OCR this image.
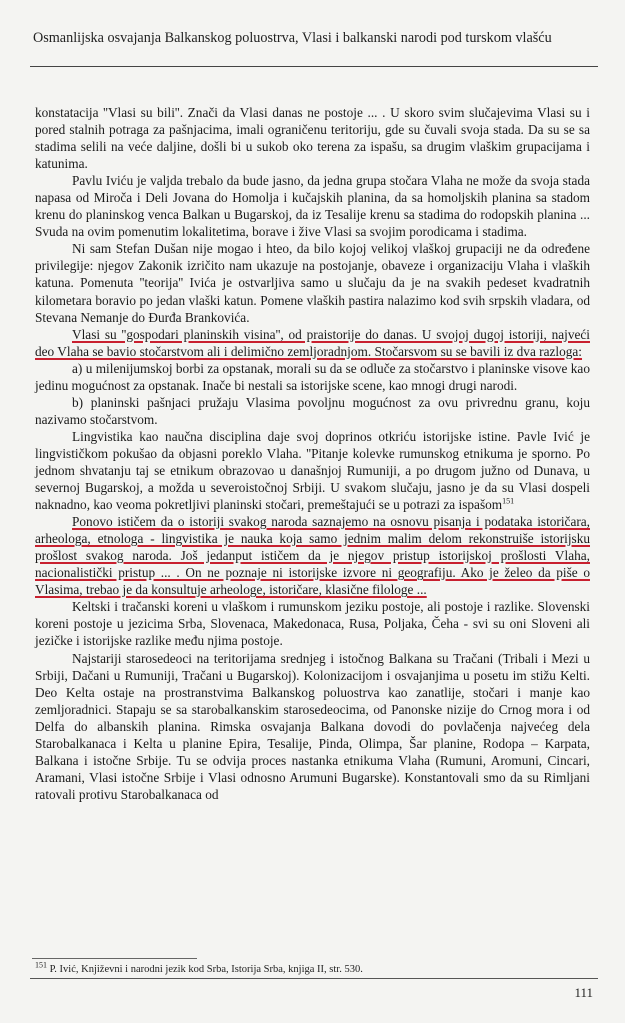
Osmanlijska osvajanja Balkanskog poluostrva, Vlasi i balkanski narodi pod turskom vlašću

konstatacija ''Vlasi su bili''. Znači da Vlasi danas ne postoje ... . U skoro svim slučajevima Vlasi su i pored stalnih potraga za pašnjacima, imali ograničenu teritoriju, gde su čuvali svoja stada. Da su se sa stadima selili na veće daljine, došli bi u sukob oko terena za ispašu, sa drugim vlaškim grupacijama i katunima.

Pavlu Iviću je valjda trebalo da bude jasno, da jedna grupa stočara Vlaha ne može da svoja stada napasa od Miroča i Deli Jovana do Homolja i kučajskih planina, da sa homoljskih planina sa stadom krenu do planinskog venca Balkan u Bugarskoj, da iz Tesalije krenu sa stadima do rodopskih planina ... Svuda na ovim pomenutim lokalitetima, borave i žive Vlasi sa svojim porodicama i stadima.

Ni sam Stefan Dušan nije mogao i hteo, da bilo kojoj velikoj vlaškoj grupaciji ne da određene privilegije: njegov Zakonik izričito nam ukazuje na postojanje, obaveze i organizaciju Vlaha i vlaških katuna. Pomenuta ''teorija'' Ivića je ostvarljiva samo u slučaju da je na svakih pedeset kvadratnih kilometara boravio po jedan vlaški katun. Pomene vlaških pastira nalazimo kod svih srpskih vladara, od Stevana Nemanje do Đurđa Brankovića.

Vlasi su ''gospodari planinskih visina'', od praistorije do danas. U svojoj dugoj istoriji, najveći deo Vlaha se bavio stočarstvom ali i delimično zemljoradnjom. Stočarsvom su se bavili iz dva razloga:

a) u milenijumskoj borbi za opstanak, morali su da se odluče za stočarstvo i planinske visove kao jedinu mogućnost za opstanak. Inače bi nestali sa istorijske scene, kao mnogi drugi narodi.

b) planinski pašnjaci pružaju Vlasima povoljnu mogućnost za ovu privrednu granu, koju nazivamo stočarstvom.

Lingvistika kao naučna disciplina daje svoj doprinos otkriću istorijske istine. Pavle Ivić je lingvističkom pokušao da objasni poreklo Vlaha. ''Pitanje kolevke rumunskog etnikuma je sporno. Po jednom shvatanju taj se etnikum obrazovao u današnjoj Rumuniji, a po drugom južno od Dunava, u severnoj Bugarskoj, a možda u severoistočnoj Srbiji. U svakom slučaju, jasno je da su Vlasi dospeli naknadno, kao veoma pokretljivi planinski stočari, premeštajući se u potrazi za ispašom$^{151}$

Ponovo ističem da o istoriji svakog naroda saznajemo na osnovu pisanja i podataka istoričara, arheologa, etnologa - lingvistika je nauka koja samo jednim malim delom rekonstruiše istorijsku prošlost svakog naroda. Još jedanput ističem da je njegov pristup istorijskoj prošlosti Vlaha, nacionalistički pristup ... . On ne poznaje ni istorijske izvore ni geografiju. Ako je želeo da piše o Vlasima, trebao je da konsultuje arheologe, istoričare, klasične filologe ...

Keltski i tračanski koreni u vlaškom i rumunskom jeziku postoje, ali postoje i razlike. Slovenski koreni postoje u jezicima Srba, Slovenaca, Makedonaca, Rusa, Poljaka, Čeha - svi su oni Sloveni ali jezičke i istorijske razlike među njima postoje.

Najstariji starosedeoci na teritorijama srednjeg i istočnog Balkana su Tračani (Tribali i Mezi u Srbiji, Dačani u Rumuniji, Tračani u Bugarskoj). Kolonizacijom i osvajanjima u posetu im stižu Kelti. Deo Kelta ostaje na prostranstvima Balkanskog poluostrva kao zanatlije, stočari i manje kao zemljoradnici. Stapaju se sa starobalkanskim starosedeocima, od Panonske nizije do Crnog mora i od Delfa do albanskih planina. Rimska osvajanja Balkana dovodi do povlačenja najvećeg dela Starobalkanaca i Kelta u planine Epira, Tesalije, Pinda, Olimpa, Šar planine, Rodopa – Karpata, Balkana i istočne Srbije. Tu se odvija proces nastanka etnikuma Vlaha (Rumuni, Aromuni, Cincari, Aramani, Vlasi istočne Srbije i Vlasi odnosno Arumuni Bugarske). Konstantovali smo da su Rimljani ratovali protivu Starobalkanaca od

$^{151}$ P. Ivić, Književni i narodni jezik kod Srba, Istorija Srba, knjiga II, str. 530.
111
